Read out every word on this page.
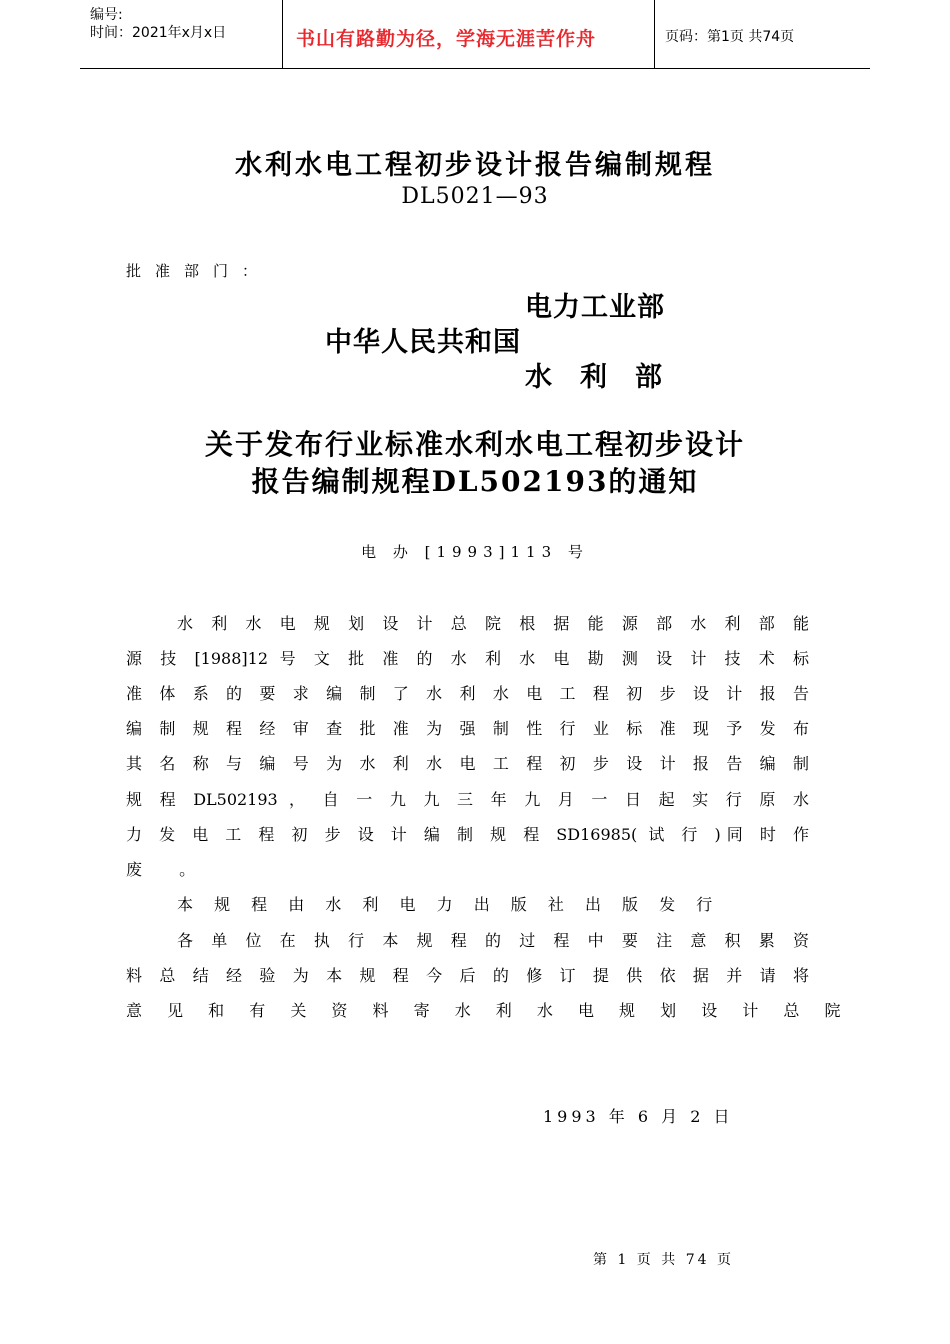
编号:
时间：2021年x月x日	书山有路勤为径，学海无涯苦作舟	页码：第1页 共74页
水利水电工程初步设计报告编制规程
DL5021—93
批准部门：
电力工业部
中华人民共和国
水利部
关于发布行业标准水利水电工程初步设计
报告编制规程DL502193的通知
电 办 [1993]113 号
水 利 水 电 规 划 设 计 总 院 根 据 能 源 部 水 利 部 能
源 技 [1988]12 号 文 批 准 的 水 利 水 电 勘 测 设 计 技 术 标
准 体 系 的 要 求 编 制 了 水 利 水 电 工 程 初 步 设 计 报 告
编 制 规 程 经 审 查 批 准 为 强 制 性 行 业 标 准 现 予 发 布
其 名 称 与 编 号 为 水 利 水 电 工 程 初 步 设 计 报 告 编 制
规 程 DL502193 ， 自 一 九 九 三 年 九 月 一 日 起 实 行 原 水
力 发 电 工 程 初 步 设 计 编 制 规 程 SD16985( 试 行 )同 时 作
废 。
本 规 程 由 水 利 电 力 出 版 社 出 版 发 行
各 单 位 在 执 行 本 规 程 的 过 程 中 要 注 意 积 累 资
料 总 结 经 验 为 本 规 程 今 后 的 修 订 提 供 依 据 并 请 将
意 见 和 有 关 资 料 寄 水 利 水 电 规 划 设 计 总 院
1993 年 6 月 2 日
第 1 页 共 74 页
